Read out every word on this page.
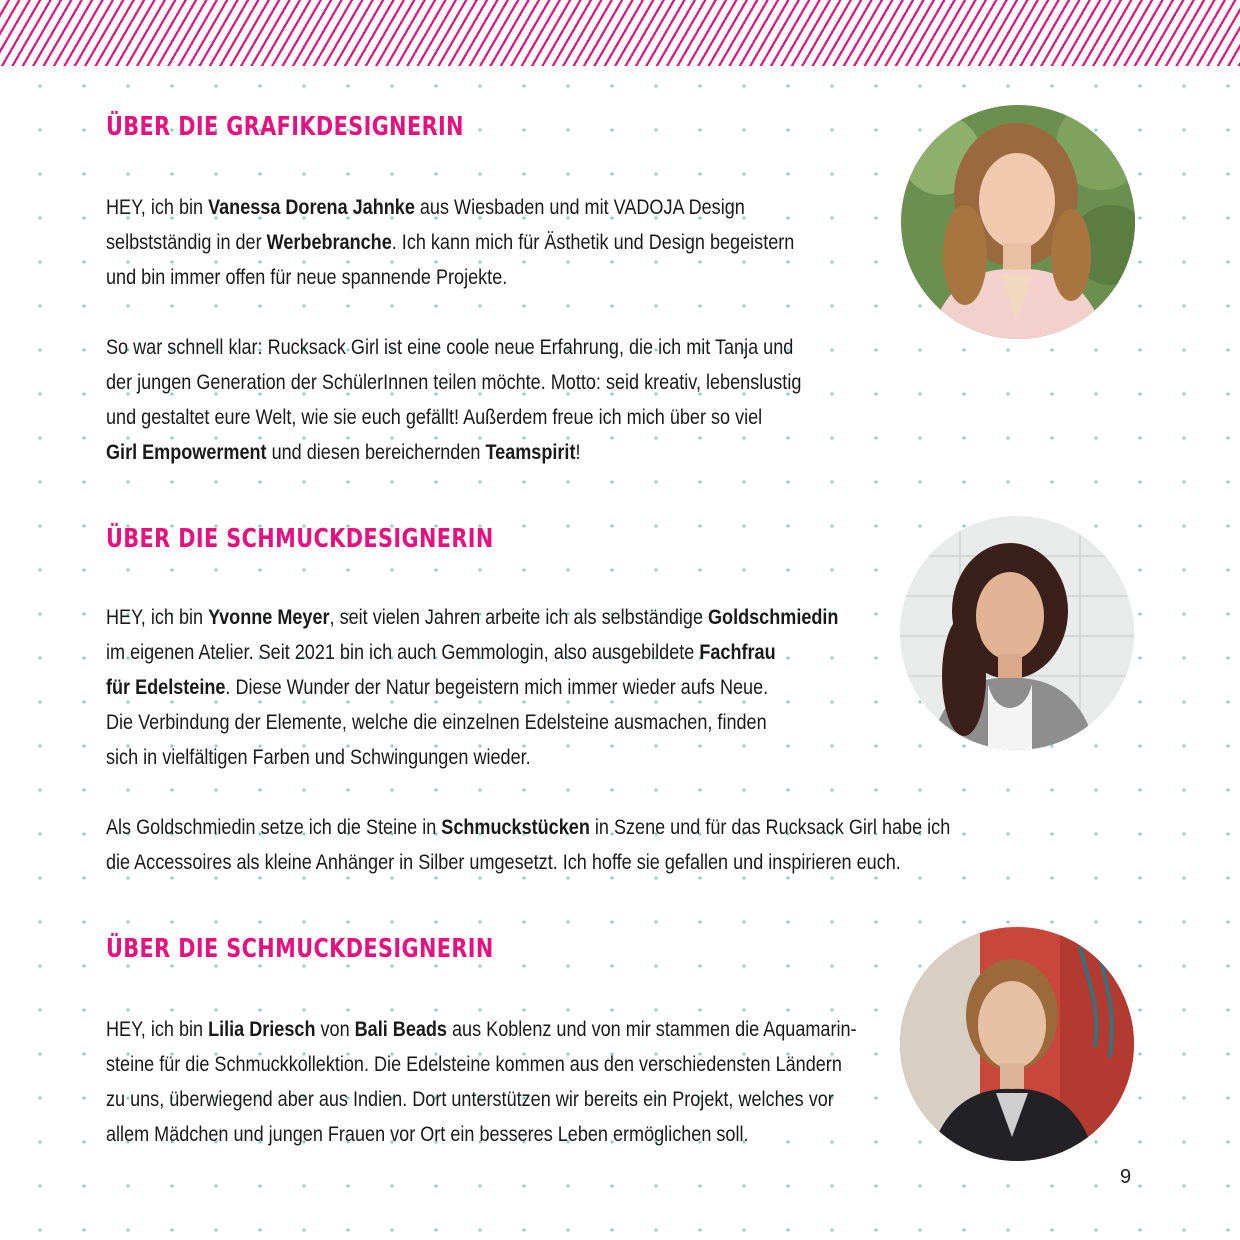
ÜBER DIE GRAFIKDESIGNERIN
HEY, ich bin Vanessa Dorena Jahnke aus Wiesbaden und mit VADOJA Design
selbstständig in der Werbebranche. Ich kann mich für Ästhetik und Design begeistern
und bin immer offen für neue spannende Projekte.
So war schnell klar: Rucksack Girl ist eine coole neue Erfahrung, die ich mit Tanja und
der jungen Generation der SchülerInnen teilen möchte. Motto: seid kreativ, lebenslustig
und gestaltet eure Welt, wie sie euch gefällt! Außerdem freue ich mich über so viel
Girl Empowerment und diesen bereichernden Teamspirit!
ÜBER DIE SCHMUCKDESIGNERIN
HEY, ich bin Yvonne Meyer, seit vielen Jahren arbeite ich als selbständige Goldschmiedin
im eigenen Atelier. Seit 2021 bin ich auch Gemmologin, also ausgebildete Fachfrau
für Edelsteine. Diese Wunder der Natur begeistern mich immer wieder aufs Neue.
Die Verbindung der Elemente, welche die einzelnen Edelsteine ausmachen, finden
sich in vielfältigen Farben und Schwingungen wieder.
Als Goldschmiedin setze ich die Steine in Schmuckstücken in Szene und für das Rucksack Girl habe ich
die Accessoires als kleine Anhänger in Silber umgesetzt. Ich hoffe sie gefallen und inspirieren euch.
ÜBER DIE SCHMUCKDESIGNERIN
HEY, ich bin Lilia Driesch von Bali Beads aus Koblenz und von mir stammen die Aquamarin-
steine für die Schmuckkollektion. Die Edelsteine kommen aus den verschiedensten Ländern
zu uns, überwiegend aber aus Indien. Dort unterstützen wir bereits ein Projekt, welches vor
allem Mädchen und jungen Frauen vor Ort ein besseres Leben ermöglichen soll.
9
